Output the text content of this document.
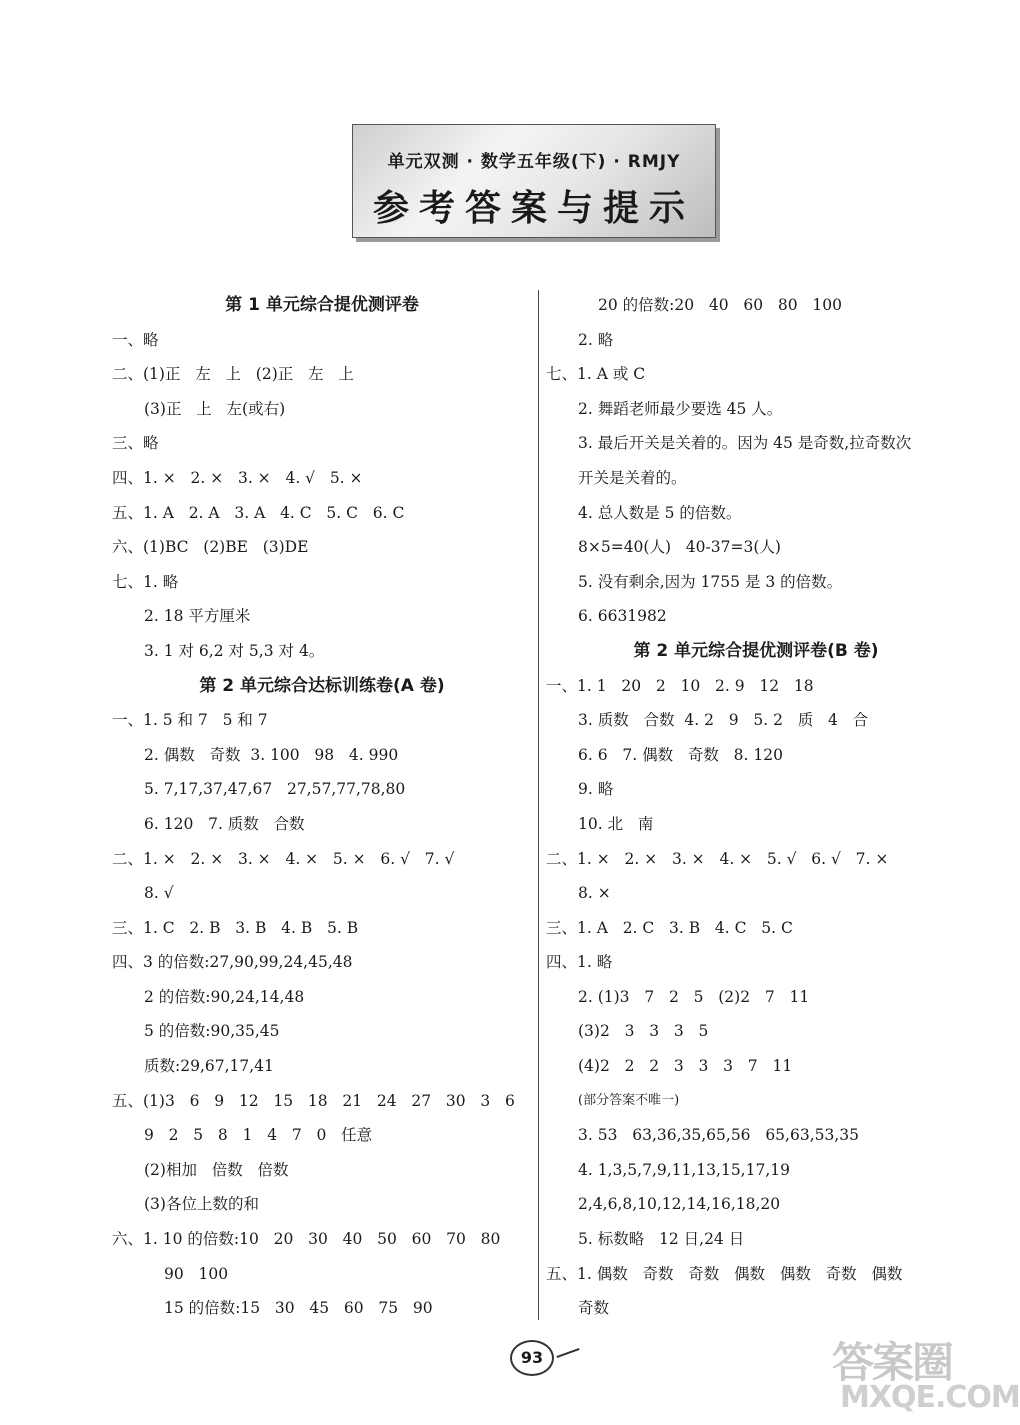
单元双测 · 数学五年级(下) · RMJY
参考答案与提示
第 1 单元综合提优测评卷
一、略
二、(1)正   左   上   (2)正   左   上
(3)正   上   左(或右)
三、略
四、1. ×   2. ×   3. ×   4. √   5. ×
五、1. A   2. A   3. A   4. C   5. C   6. C
六、(1)BC   (2)BE   (3)DE
七、1. 略
2. 18 平方厘米
3. 1 对 6,2 对 5,3 对 4。
第 2 单元综合达标训练卷(A 卷)
一、1. 5 和 7   5 和 7
2. 偶数   奇数  3. 100   98   4. 990
5. 7,17,37,47,67   27,57,77,78,80
6. 120   7. 质数   合数
二、1. ×   2. ×   3. ×   4. ×   5. ×   6. √   7. √
8. √
三、1. C   2. B   3. B   4. B   5. B
四、3 的倍数:27,90,99,24,45,48
2 的倍数:90,24,14,48
5 的倍数:90,35,45
质数:29,67,17,41
五、(1)3   6   9   12   15   18   21   24   27   30   3   6
9   2   5   8   1   4   7   0   任意
(2)相加   倍数   倍数
(3)各位上数的和
六、1. 10 的倍数:10   20   30   40   50   60   70   80
90   100
15 的倍数:15   30   45   60   75   90
20 的倍数:20   40   60   80   100
2. 略
七、1. A 或 C
2. 舞蹈老师最少要选 45 人。
3. 最后开关是关着的。因为 45 是奇数,拉奇数次
开关是关着的。
4. 总人数是 5 的倍数。
8×5=40(人)   40-37=3(人)
5. 没有剩余,因为 1755 是 3 的倍数。
6. 6631982
第 2 单元综合提优测评卷(B 卷)
一、1. 1   20   2   10   2. 9   12   18
3. 质数   合数  4. 2   9   5. 2   质   4   合
6. 6   7. 偶数   奇数   8. 120
9. 略
10. 北   南
二、1. ×   2. ×   3. ×   4. ×   5. √   6. √   7. ×
8. ×
三、1. A   2. C   3. B   4. C   5. C
四、1. 略
2. (1)3   7   2   5   (2)2   7   11
(3)2   3   3   3   5
(4)2   2   2   3   3   3   7   11
(部分答案不唯一)
3. 53   63,36,35,65,56   65,63,53,35
4. 1,3,5,7,9,11,13,15,17,19
2,4,6,8,10,12,14,16,18,20
5. 标数略   12 日,24 日
五、1. 偶数   奇数   奇数   偶数   偶数   奇数   偶数
奇数
93	答案圈
MXQE.COM
